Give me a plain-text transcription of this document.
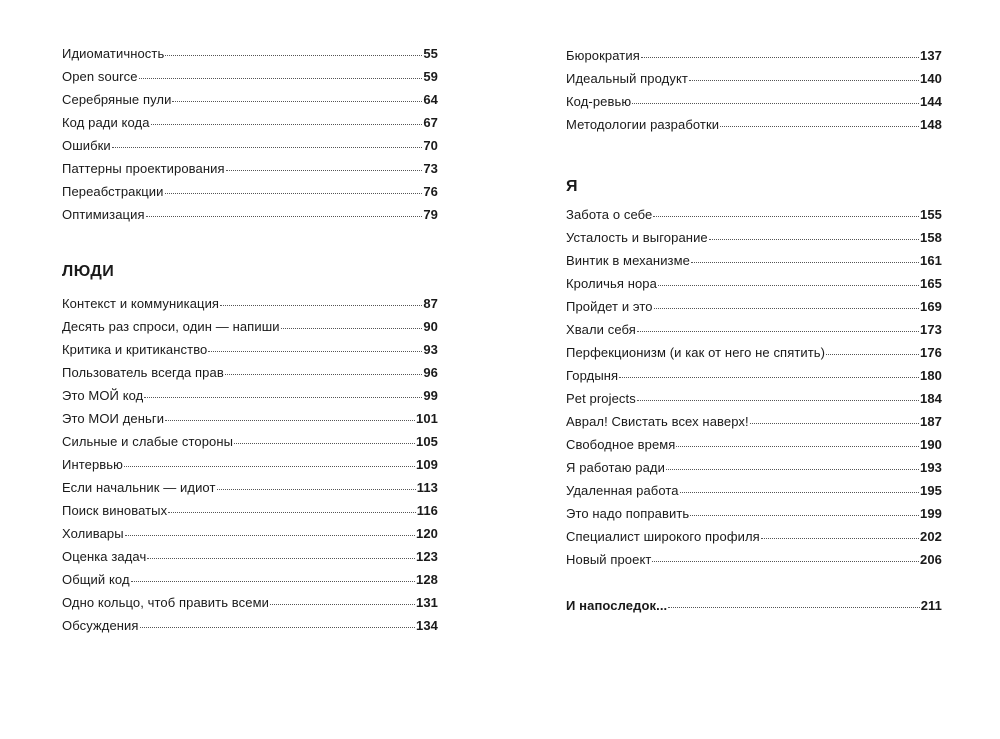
Идиоматичность	55
Open source	59
Серебряные пули	64
Код ради кода	67
Ошибки	70
Паттерны проектирования	73
Переабстракции	76
Оптимизация	79
ЛЮДИ
Контекст и коммуникация	87
Десять раз спроси, один — напиши	90
Критика и критиканство	93
Пользователь всегда прав	96
Это МОЙ код	99
Это МОИ деньги	101
Сильные и слабые стороны	105
Интервью	109
Если начальник — идиот	113
Поиск виноватых	116
Холивары	120
Оценка задач	123
Общий код	128
Одно кольцо, чтоб править всеми	131
Обсуждения	134
Бюрократия	137
Идеальный продукт	140
Код-ревью	144
Методологии разработки	148
Я
Забота о себе	155
Усталость и выгорание	158
Винтик в механизме	161
Кроличья нора	165
Пройдет и это	169
Хвали себя	173
Перфекционизм (и как от него не спятить)	176
Гордыня	180
Pet projects	184
Аврал! Свистать всех наверх!	187
Свободное время	190
Я работаю ради	193
Удаленная работа	195
Это надо поправить	199
Специалист широкого профиля	202
Новый проект	206
И напоследок...	211
